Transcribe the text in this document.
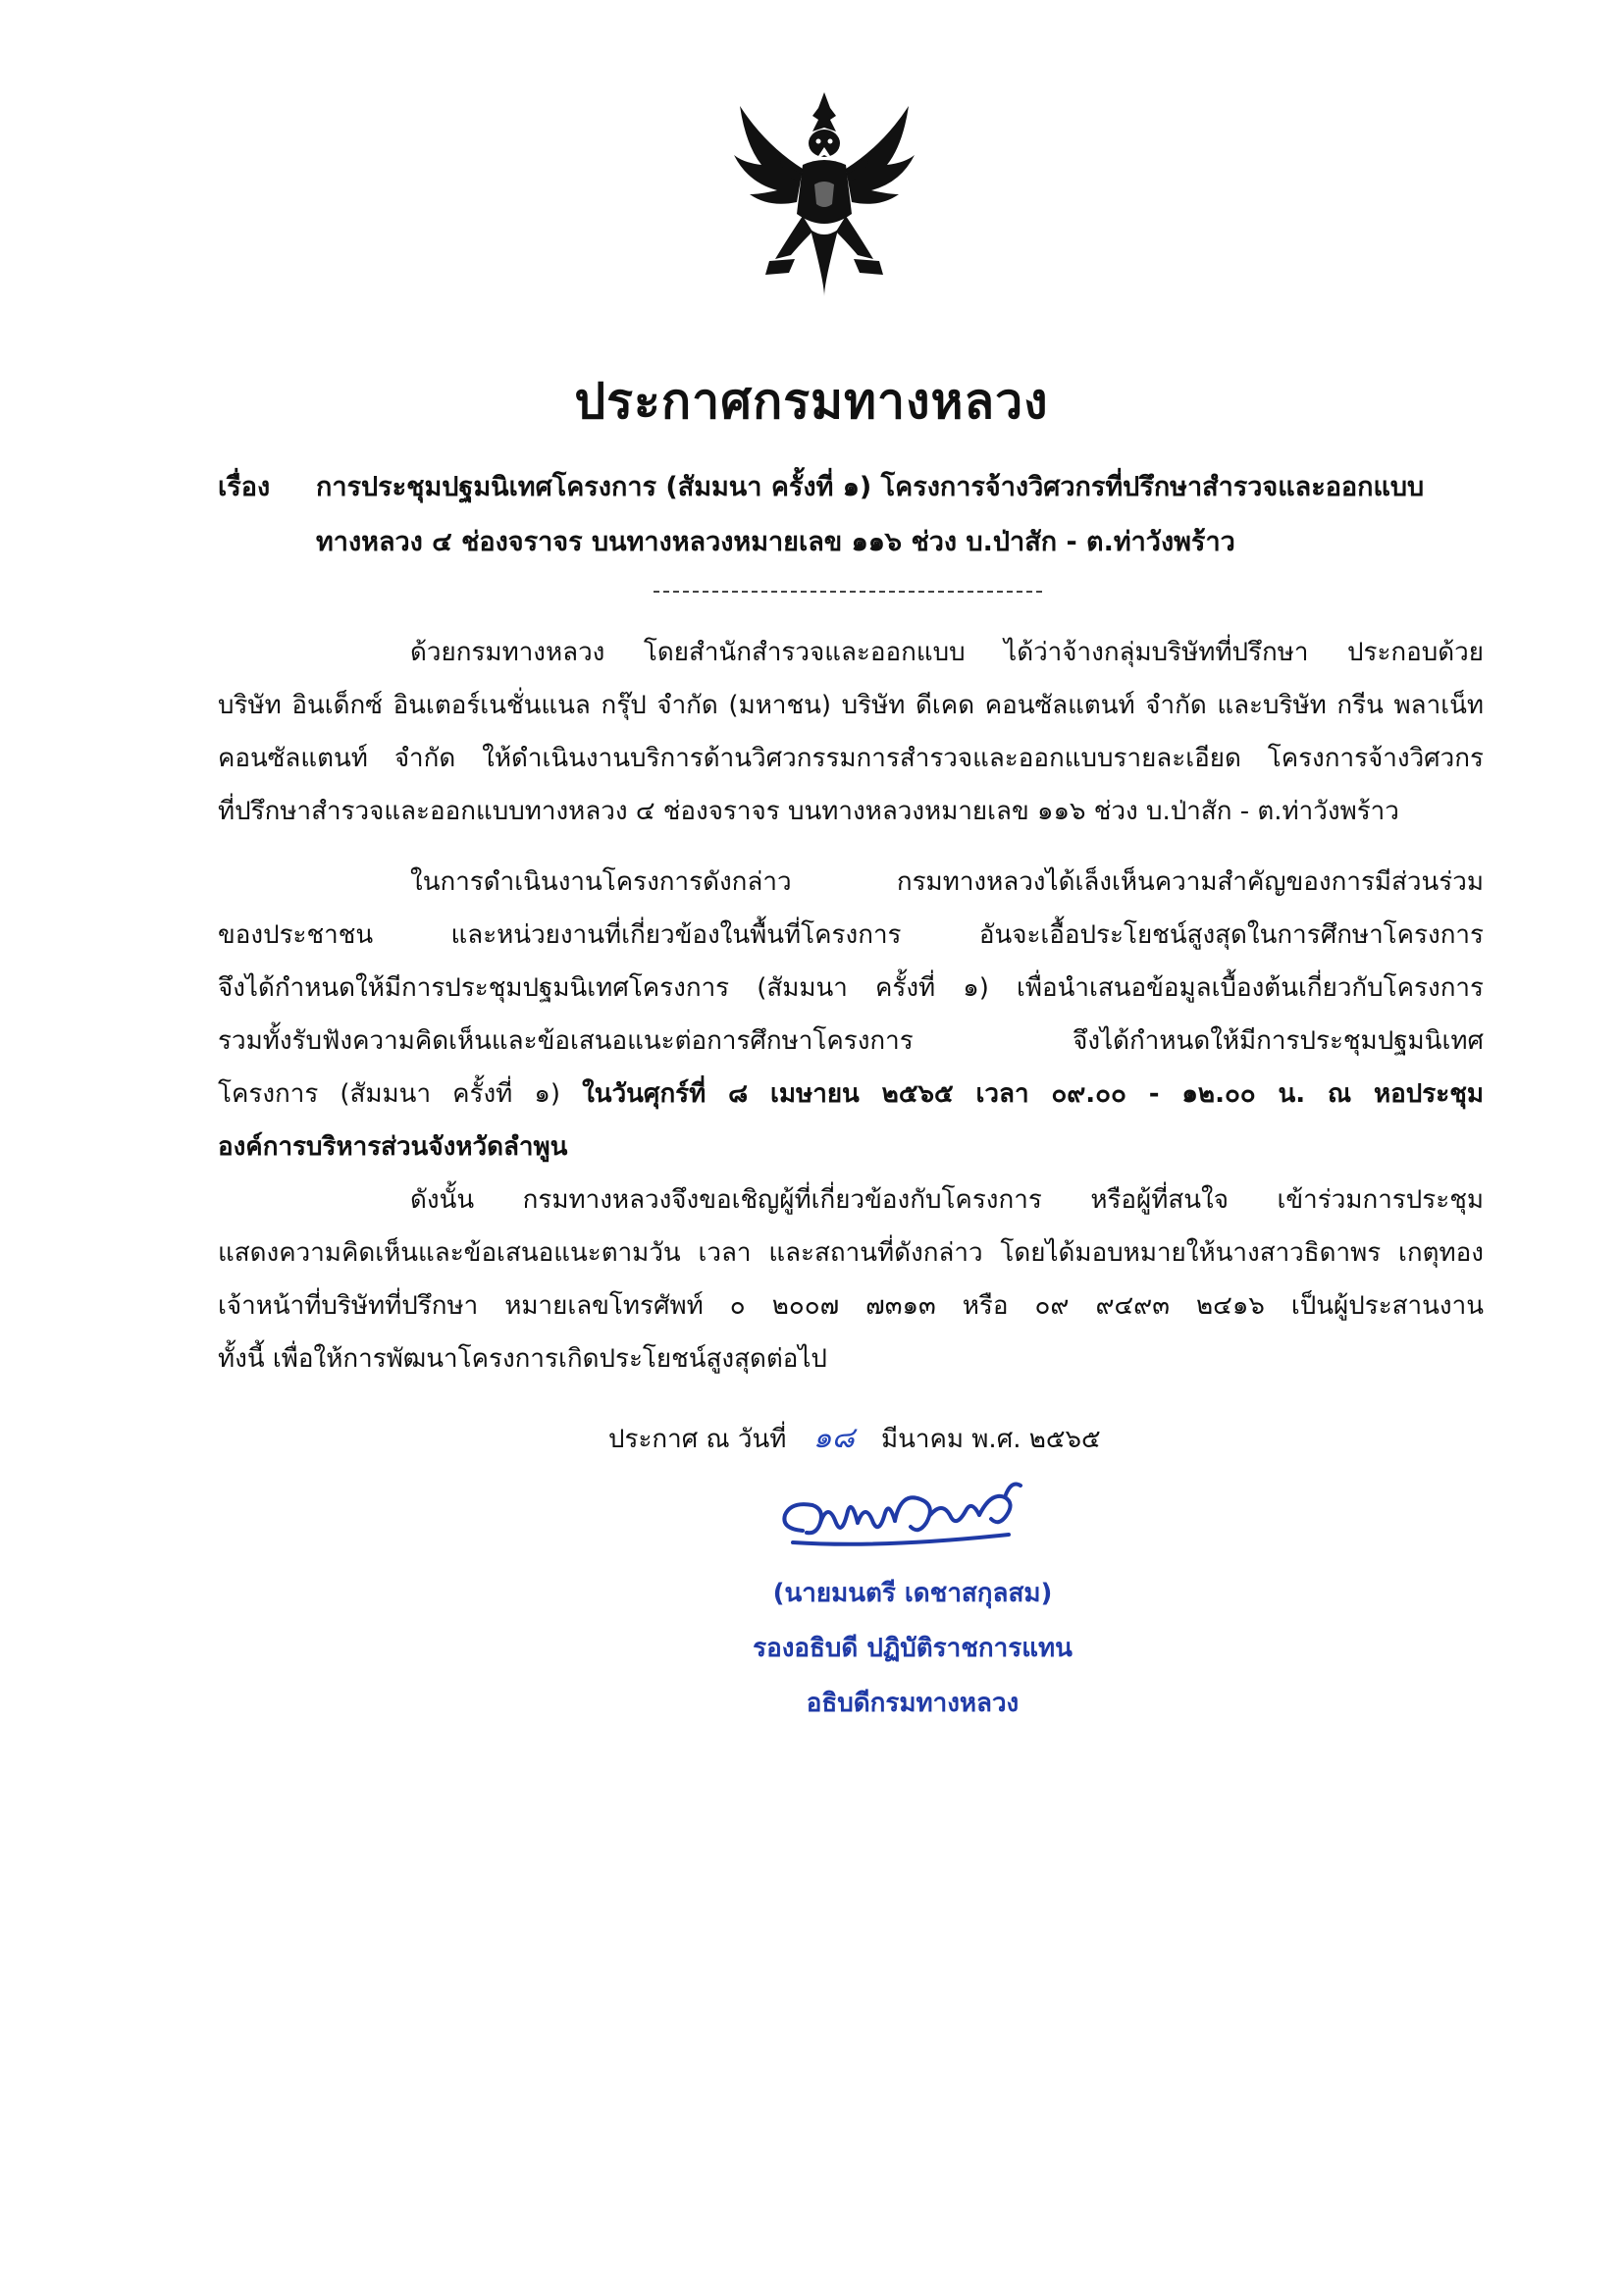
ประกาศกรมทางหลวง
เรื่อง การประชุมปฐมนิเทศโครงการ (สัมมนา ครั้งที่ ๑) โครงการจ้างวิศวกรที่ปรึกษาสำรวจและออกแบบ
ทางหลวง ๔ ช่องจราจร บนทางหลวงหมายเลข ๑๑๖ ช่วง บ.ป่าสัก - ต.ท่าวังพร้าว
ด้วยกรมทางหลวง โดยสำนักสำรวจและออกแบบ ได้ว่าจ้างกลุ่มบริษัทที่ปรึกษา ประกอบด้วย
บริษัท อินเด็กซ์ อินเตอร์เนชั่นแนล กรุ๊ป จำกัด (มหาชน) บริษัท ดีเคด คอนซัลแตนท์ จำกัด และบริษัท กรีน พลาเน็ท
คอนซัลแตนท์ จำกัด ให้ดำเนินงานบริการด้านวิศวกรรมการสำรวจและออกแบบรายละเอียด โครงการจ้างวิศวกร
ที่ปรึกษาสำรวจและออกแบบทางหลวง ๔ ช่องจราจร บนทางหลวงหมายเลข ๑๑๖ ช่วง บ.ป่าสัก - ต.ท่าวังพร้าว
ในการดำเนินงานโครงการดังกล่าว กรมทางหลวงได้เล็งเห็นความสำคัญของการมีส่วนร่วม
ของประชาชน และหน่วยงานที่เกี่ยวข้องในพื้นที่โครงการ อันจะเอื้อประโยชน์สูงสุดในการศึกษาโครงการ
จึงได้กำหนดให้มีการประชุมปฐมนิเทศโครงการ (สัมมนา ครั้งที่ ๑) เพื่อนำเสนอข้อมูลเบื้องต้นเกี่ยวกับโครงการ
รวมทั้งรับฟังความคิดเห็นและข้อเสนอแนะต่อการศึกษาโครงการ จึงได้กำหนดให้มีการประชุมปฐมนิเทศ
โครงการ (สัมมนา ครั้งที่ ๑) ในวันศุกร์ที่ ๘ เมษายน ๒๕๖๕ เวลา ๐๙.๐๐ - ๑๒.๐๐ น. ณ หอประชุม
องค์การบริหารส่วนจังหวัดลำพูน
ดังนั้น กรมทางหลวงจึงขอเชิญผู้ที่เกี่ยวข้องกับโครงการ หรือผู้ที่สนใจ เข้าร่วมการประชุม
แสดงความคิดเห็นและข้อเสนอแนะตามวัน เวลา และสถานที่ดังกล่าว โดยได้มอบหมายให้นางสาวธิดาพร เกตุทอง
เจ้าหน้าที่บริษัทที่ปรึกษา หมายเลขโทรศัพท์ ๐ ๒๐๐๗ ๗๓๑๓ หรือ ๐๙ ๙๔๙๓ ๒๔๑๖ เป็นผู้ประสานงาน
ทั้งนี้ เพื่อให้การพัฒนาโครงการเกิดประโยชน์สูงสุดต่อไป
ประกาศ ณ วันที่ ๑๘ มีนาคม พ.ศ. ๒๕๖๕
(นายมนตรี เดชาสกุลสม)
รองอธิบดี ปฏิบัติราชการแทน
อธิบดีกรมทางหลวง
